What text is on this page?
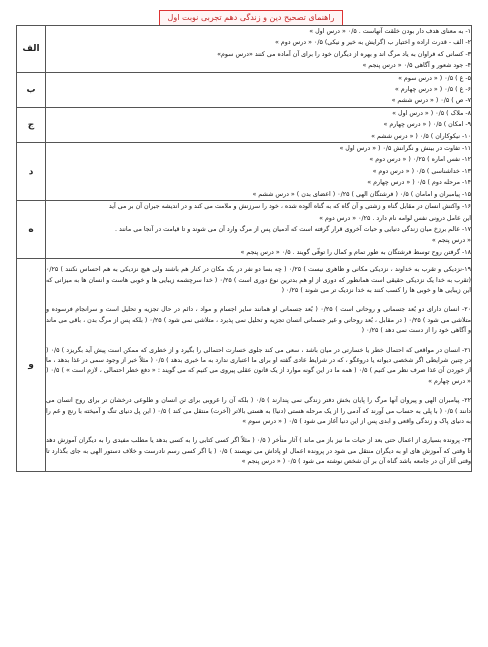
راهنمای تصحیح دین و زندگی دهم تجربی نوبت اول
۱- به معنای هدف دار بودن خلقت آنهاست . ۰/۵ « درس اول »
۲- الف - قدرت اراده و اختیار ب (گرایش به خیر و نیکی) ۰/۵ « درس دوم »
۳- کسانی که فراوان به یاد مرگ اند و بهره از دیگران خود را برای آن آماده می کنند «درس سوم»
۴- جود شعور و آگاهی ۰/۵ « درس پنجم »	الف

۵- غ ) ۰/۵ ( « درس سوم »
۶- غ ) ۰/۵ ( « درس چهارم »
۷- ص ) ۰/۵ ( « درس ششم »	ب

۸- ملاک ) ۰/۵ ( « درس اول »
۹- امکان ) ۰/۵ ( « درس چهارم »
۱۰- نیکوکاران ) ۰/۵ ( « درس ششم »	ج

۱۱- تفاوت در بینش و نگرانش ۰/۵ ( « درس اول »
۱۲- نفس اماره ) ۰/۲۵ ( « درس دوم »
۱۳- خداشناسی ) ۰/۵ ( « درس دوم »
۱۴- مرحله دوم ) ۰/۵ ( « درس چهارم »
۱۵- پیامبران و امامان ) ۰/۵ ( فرشتگان الهی ) ۰/۲۵ ( اعضای بدن ) « درس ششم »	د

۱۶- واکنش انسان در مقابل گناه و زشتی و آن گاه که به گناه آلوده شده ، خود را سرزنش و ملامت می کند و در اندیشه جبران آن بر می آید
این عامل درونی نفس لوامه نام دارد . ۰/۲۵ « درس دوم »
۱۷- عالم برزخ میان زندگی دنیایی و حیات آخروی قرار گرفته است که آدمیان پس از مرگ وارد آن می شوند و تا قیامت در آنجا می مانند .
« درس پنجم »
۱۸- گرفتن روح توسط فرشتگان به طور تمام و کمال را توفّی گویند . ۰/۵ « درس پنجم »	ه

۱۹-نزدیکی و تقرب به خداوند ، نزدیکی مکانی و ظاهری نیست ) ۰/۲۵ ( چه بسا دو نفر در یک مکان در کنار هم باشند ولی هیچ نزدیکی به هم احساس نکنند ) ۰/۲۵ (تقرب به خدا یک نزدیکی حقیقی است همانطور که دوری از او هم بدترین نوع دوری است ) ۰/۲۵ ( خدا سرچشمه زیبایی ها و خوبی هاست و انسان ها به میزانی که این زیبایی ها و خوبی ها را کسب کنند به خدا نزدیک تر می شوند ) ۰/۲۵ (

۲۰- انسان دارای دو بُعد جسمانی و روحانی است ) ۰/۲۵ ( بُعد جسمانی او همانند سایر اجسام و مواد ، دائم در حال تجزیه و تحلیل است و سرانجام فرسوده و متلاشی می شود ) ۰/۲۵ ( در مقابل ، بُعد روحانی و غیر جسمانی انسان تجزیه و تحلیل نمی پذیرد ، متلاشی نمی شود ) ۰/۲۵ ( بلکه پس از مرگ بدن ، باقی می ماند و آگاهی خود را از دست نمی دهد ) ۰/۲۵ (

۲۱- انسان در مواقعی که احتمال خطر یا خسارتی در میان باشد ، سعی می کند جلوی خسارت احتمالی را بگیرد و از خطری که ممکن است پیش آید بگریزد ) ۰/۵ ( در چنین شرایطی اگر شخصی دیوانه یا دروغگو ، که در شرایط عادی گفته او برای ما اعتباری ندارد به ما خبری بدهد ) ۰/۵ ( مثلاً خبر از وجود سمی در غذا بدهد ، ما از خوردن آن غذا صرف نظر می کنیم ) ۰/۵ ( همه ما در این گونه موارد از یک قانون عقلی پیروی می کنیم که می گویند : « دفع خطر احتمالی ، لازم است » ) ۰/۵ ( « درس چهارم »

۲۲- پیامبران الهی و پیروان آنها مرگ را پایان بخش دفتر زندگی نمی پندارند ) ۰/۵ ( بلکه آن را غروبی برای تن انسان و طلوعی درخشان تر برای روح انسان می دانند ) ۰/۵ ( با پلی به حساب می آورند که آدمی را از یک مرحله هستی (دنیا) به هستی بالاتر (آخرت) منتقل می کند ) ۰/۵ ( این پل دنیای تنگ و آمیخته با رنج و غم را به دنیای پاک و زندگی واقعی و ابدی پس از این دنیا آغاز می شود ) ۰/۵ ( « درس سوم »

۲۳- پرونده بسیاری از اعمال حتی بعد از حیات ما نیز باز می ماند ) آثار متأخر ( ۰/۵ ( مثلاً اگر کسی کتابی را به کسی بدهد یا مطلب مفیدی را به دیگران آموزش دهد تا وقتی که آموزش های او به دیگران منتقل می شود در پرونده اعمال او پاداش می نویسند ) ۰/۵ ( یا اگر کسی رسم نادرست و خلاف دستور الهی به جای بگذارد تا وقتی آثار آن در جامعه باشد گناه آن بر آن شخص نوشته می شود ) ۰/۵ ( « درس پنجم »	و
